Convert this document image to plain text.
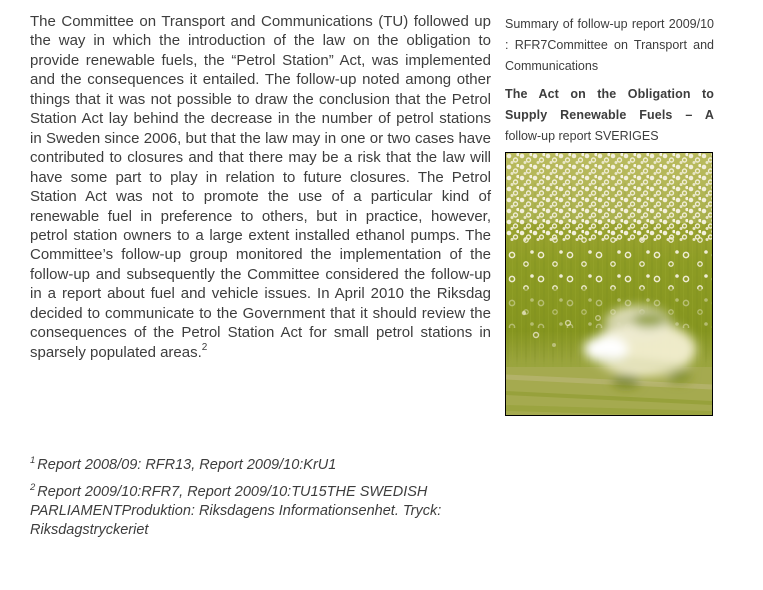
The Committee on Transport and Communications (TU) followed up the way in which the introduction of the law on the obligation to provide renewable fuels, the “Petrol Station” Act, was implemented and the consequences it entailed. The follow-up noted among other things that it was not possible to draw the conclusion that the Petrol Station Act lay behind the decrease in the number of petrol stations in Sweden since 2006, but that the law may in one or two cases have contributed to closures and that there may be a risk that the law will have some part to play in relation to future closures. The Petrol Station Act was not to promote the use of a particular kind of renewable fuel in preference to others, but in practice, however, petrol station owners to a large extent installed ethanol pumps. The Committee’s follow-up group monitored the implementation of the follow-up and subsequently the Committee considered the follow-up in a report about fuel and vehicle issues. In April 2010 the Riksdag decided to communicate to the Government that it should review the consequences of the Petrol Station Act for small petrol stations in sparsely populated areas.$^2$

$^1$ Report 2008/09: RFR13, Report 2009/10:KrU1

$^2$ Report 2009/10:RFR7, Report 2009/10:TU15THE SWEDISH PARLIAMENTProduktion: Riksdagens Informationsenhet. Tryck: Riksdagstryckeriet

Summary of follow-up report 2009/10 : RFR7Committee on Transport and Communications

The Act on the Obligation to Supply Renewable Fuels – A follow-up report SVERIGES
